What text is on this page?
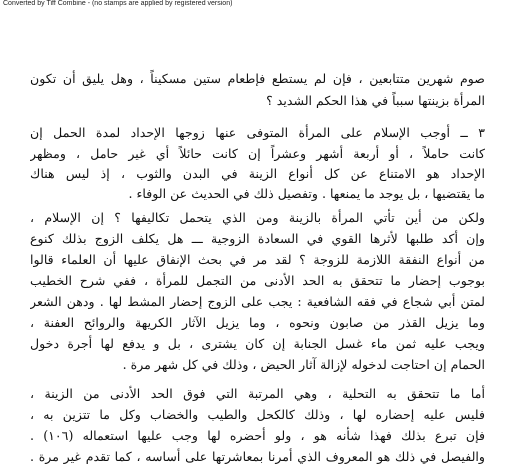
Converted by Tiff Combine - (no stamps are applied by registered version)
صوم شهرين متتابعين ، فإن لم يستطع فإطعام ستين مسكيناً ، وهل يليق أن تكون
المرأة بزينتها سبباً في هذا الحكم الشديد ؟
٣ ــ أوجب الإسلام على المرأة المتوفى عنها زوجها الإحداد لمدة الحمل إن
كانت حاملاً ، أو أربعة أشهر وعشراً إن كانت حائلاً أي غير حامل ، ومظهر
الإحداد هو الامتناع عن كل أنواع الزينة في البدن والثوب ، إذ ليس هناك
ما يقتضيها ، بل يوجد ما يمنعها . وتفصيل ذلك في الحديث عن الوفاء .
ولكن من أين تأتي المرأة بالزينة ومن الذي يتحمل تكاليفها ؟ إن الإسلام ،
وإن أكد طلبها لأثرها القوي في السعادة الزوجية ـــ هل يكلف الزوج بذلك كنوع
من أنواع النفقة اللازمة للزوجة ؟ لقد مر في بحث الإنفاق عليها أن العلماء قالوا
بوجوب إحضار ما تتحقق به الحد الأدنى من التجمل للمرأة ، ففي شرح الخطيب
لمتن أبي شجاع في فقه الشافعية : يجب على الزوج إحضار المشط لها . ودهن الشعر
وما يزيل القذر من صابون ونحوه ، وما يزيل الآثار الكريهة والروائح العفنة ،
ويجب عليه ثمن ماء غسل الجنابة إن كان يشترى ، بل و يدفع لها أجرة دخول
الحمام إن احتاجت لدخوله لإزالة آثار الحيض ، وذلك في كل شهر مرة .
أما ما تتحقق به التحلية ، وهي المرتبة التي فوق الحد الأدنى من الزينة ،
فليس عليه إحضاره لها ، وذلك كالكحل والطيب والخضاب وكل ما تتزين به ،
فإن تبرع بذلك فهذا شأنه هو ، ولو أحضره لها وجب عليها استعماله (١٠٦) .
والفيصل في ذلك هو المعروف الذي أمرنا بمعاشرتها على أساسه ، كما تقدم غير مرة .
